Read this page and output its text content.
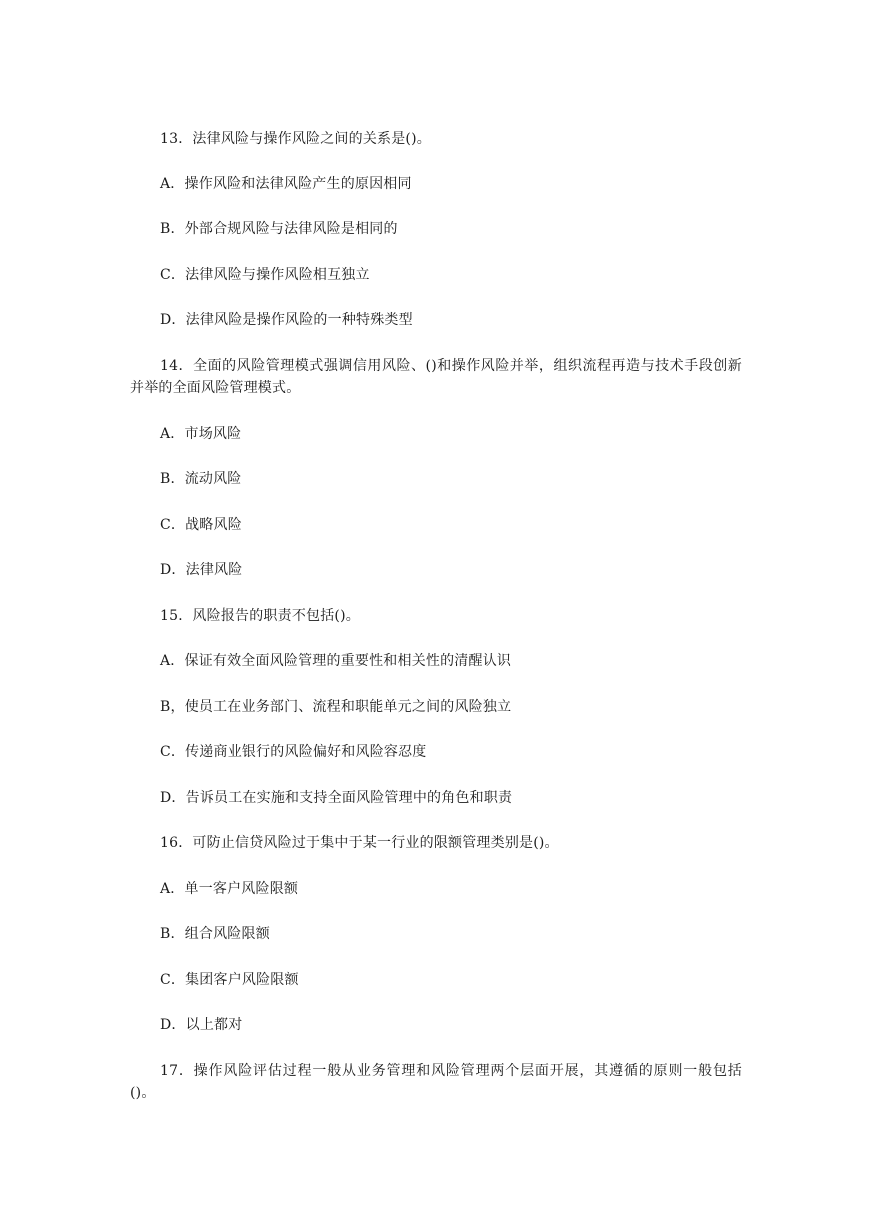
13．法律风险与操作风险之间的关系是()。
A．操作风险和法律风险产生的原因相同
B．外部合规风险与法律风险是相同的
C．法律风险与操作风险相互独立
D．法律风险是操作风险的一种特殊类型
14．全面的风险管理模式强调信用风险、()和操作风险并举，组织流程再造与技术手段创新并举的全面风险管理模式。
A．市场风险
B．流动风险
C．战略风险
D．法律风险
15．风险报告的职责不包括()。
A．保证有效全面风险管理的重要性和相关性的清醒认识
B，使员工在业务部门、流程和职能单元之间的风险独立
C．传递商业银行的风险偏好和风险容忍度
D．告诉员工在实施和支持全面风险管理中的角色和职责
16．可防止信贷风险过于集中于某一行业的限额管理类别是()。
A．单一客户风险限额
B．组合风险限额
C．集团客户风险限额
D．以上都对
17．操作风险评估过程一般从业务管理和风险管理两个层面开展，其遵循的原则一般包括()。
